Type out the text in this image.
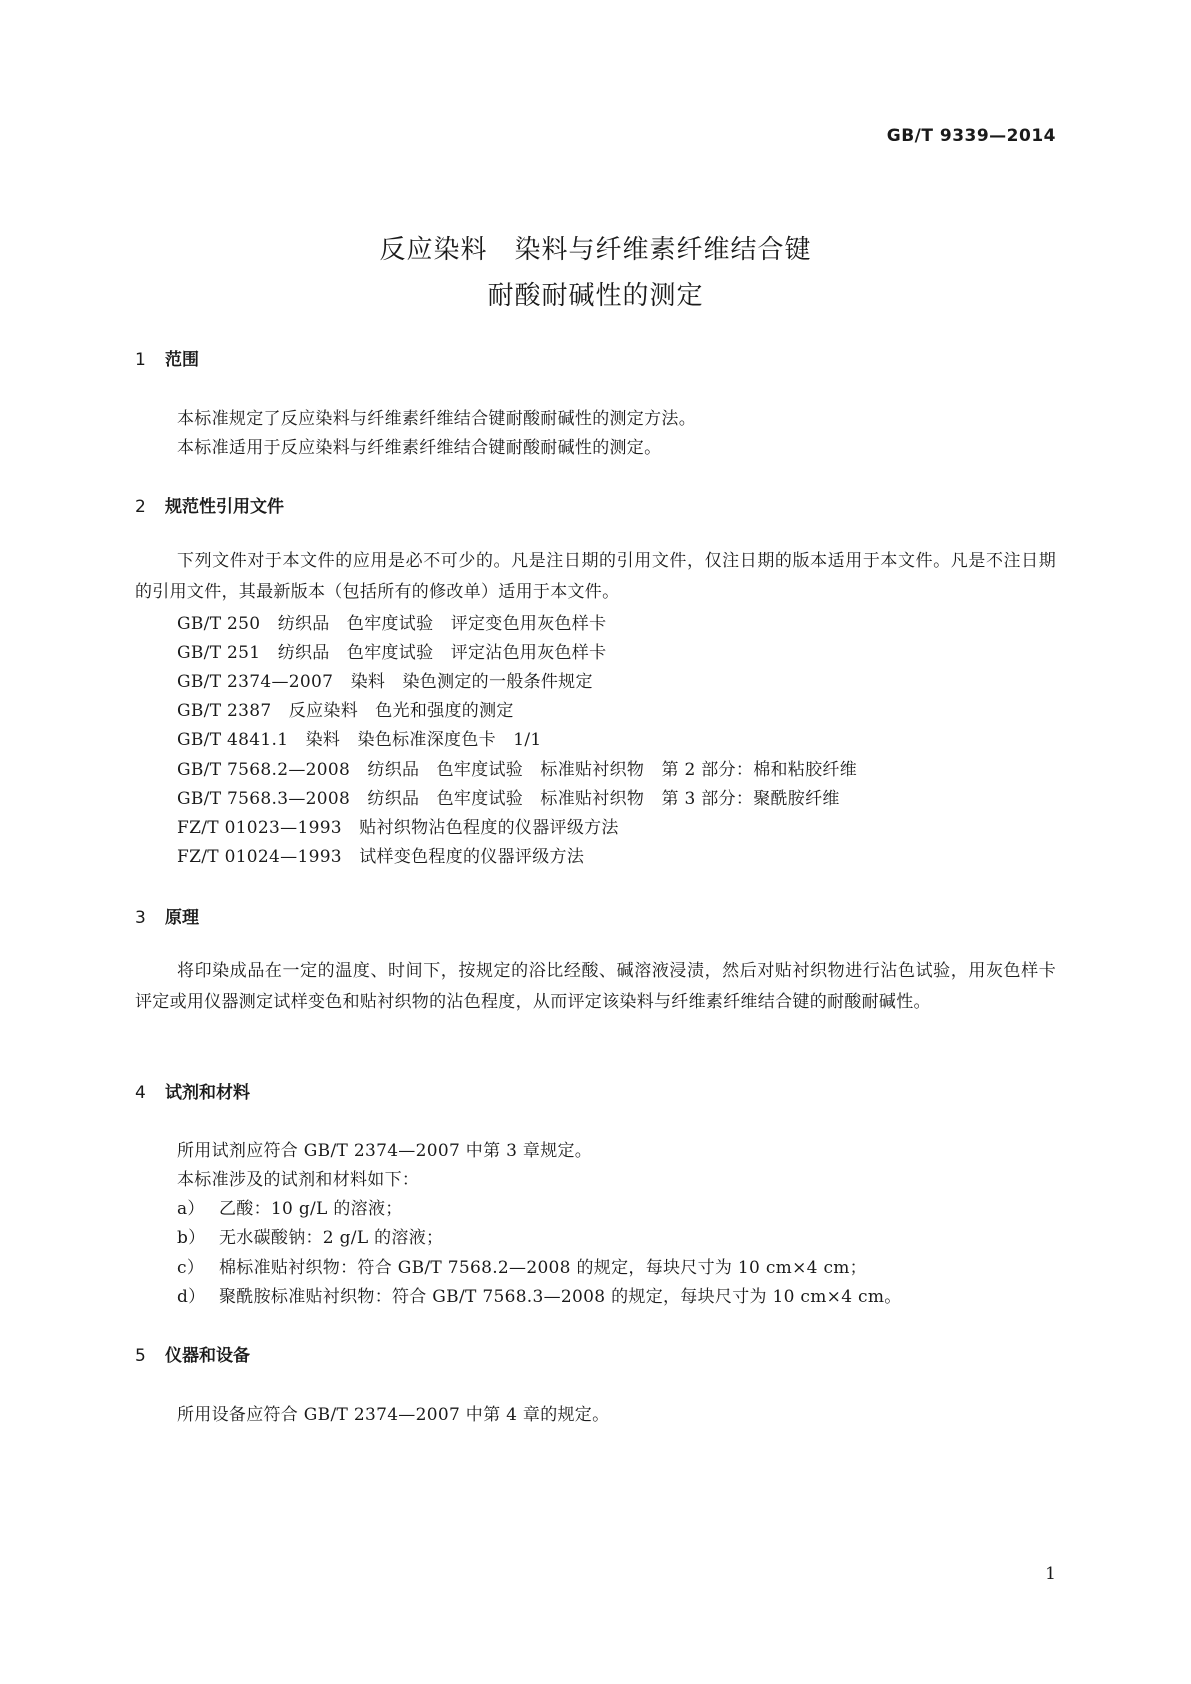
GB/T 9339—2014
反应染料　染料与纤维素纤维结合键
耐酸耐碱性的测定
1 范围
本标准规定了反应染料与纤维素纤维结合键耐酸耐碱性的测定方法。
本标准适用于反应染料与纤维素纤维结合键耐酸耐碱性的测定。
2 规范性引用文件
下列文件对于本文件的应用是必不可少的。凡是注日期的引用文件，仅注日期的版本适用于本文件。凡是不注日期的引用文件，其最新版本（包括所有的修改单）适用于本文件。
GB/T 250　纺织品　色牢度试验　评定变色用灰色样卡
GB/T 251　纺织品　色牢度试验　评定沾色用灰色样卡
GB/T 2374—2007　染料　染色测定的一般条件规定
GB/T 2387　反应染料　色光和强度的测定
GB/T 4841.1　染料　染色标准深度色卡　1/1
GB/T 7568.2—2008　纺织品　色牢度试验　标准贴衬织物　第 2 部分：棉和粘胶纤维
GB/T 7568.3—2008　纺织品　色牢度试验　标准贴衬织物　第 3 部分：聚酰胺纤维
FZ/T 01023—1993　贴衬织物沾色程度的仪器评级方法
FZ/T 01024—1993　试样变色程度的仪器评级方法
3 原理
将印染成品在一定的温度、时间下，按规定的浴比经酸、碱溶液浸渍，然后对贴衬织物进行沾色试验，用灰色样卡评定或用仪器测定试样变色和贴衬织物的沾色程度，从而评定该染料与纤维素纤维结合键的耐酸耐碱性。
4 试剂和材料
所用试剂应符合 GB/T 2374—2007 中第 3 章规定。
本标准涉及的试剂和材料如下：
a） 乙酸：10 g/L 的溶液；
b） 无水碳酸钠：2 g/L 的溶液；
c） 棉标准贴衬织物：符合 GB/T 7568.2—2008 的规定，每块尺寸为 10 cm×4 cm；
d） 聚酰胺标准贴衬织物：符合 GB/T 7568.3—2008 的规定，每块尺寸为 10 cm×4 cm。
5 仪器和设备
所用设备应符合 GB/T 2374—2007 中第 4 章的规定。
1
